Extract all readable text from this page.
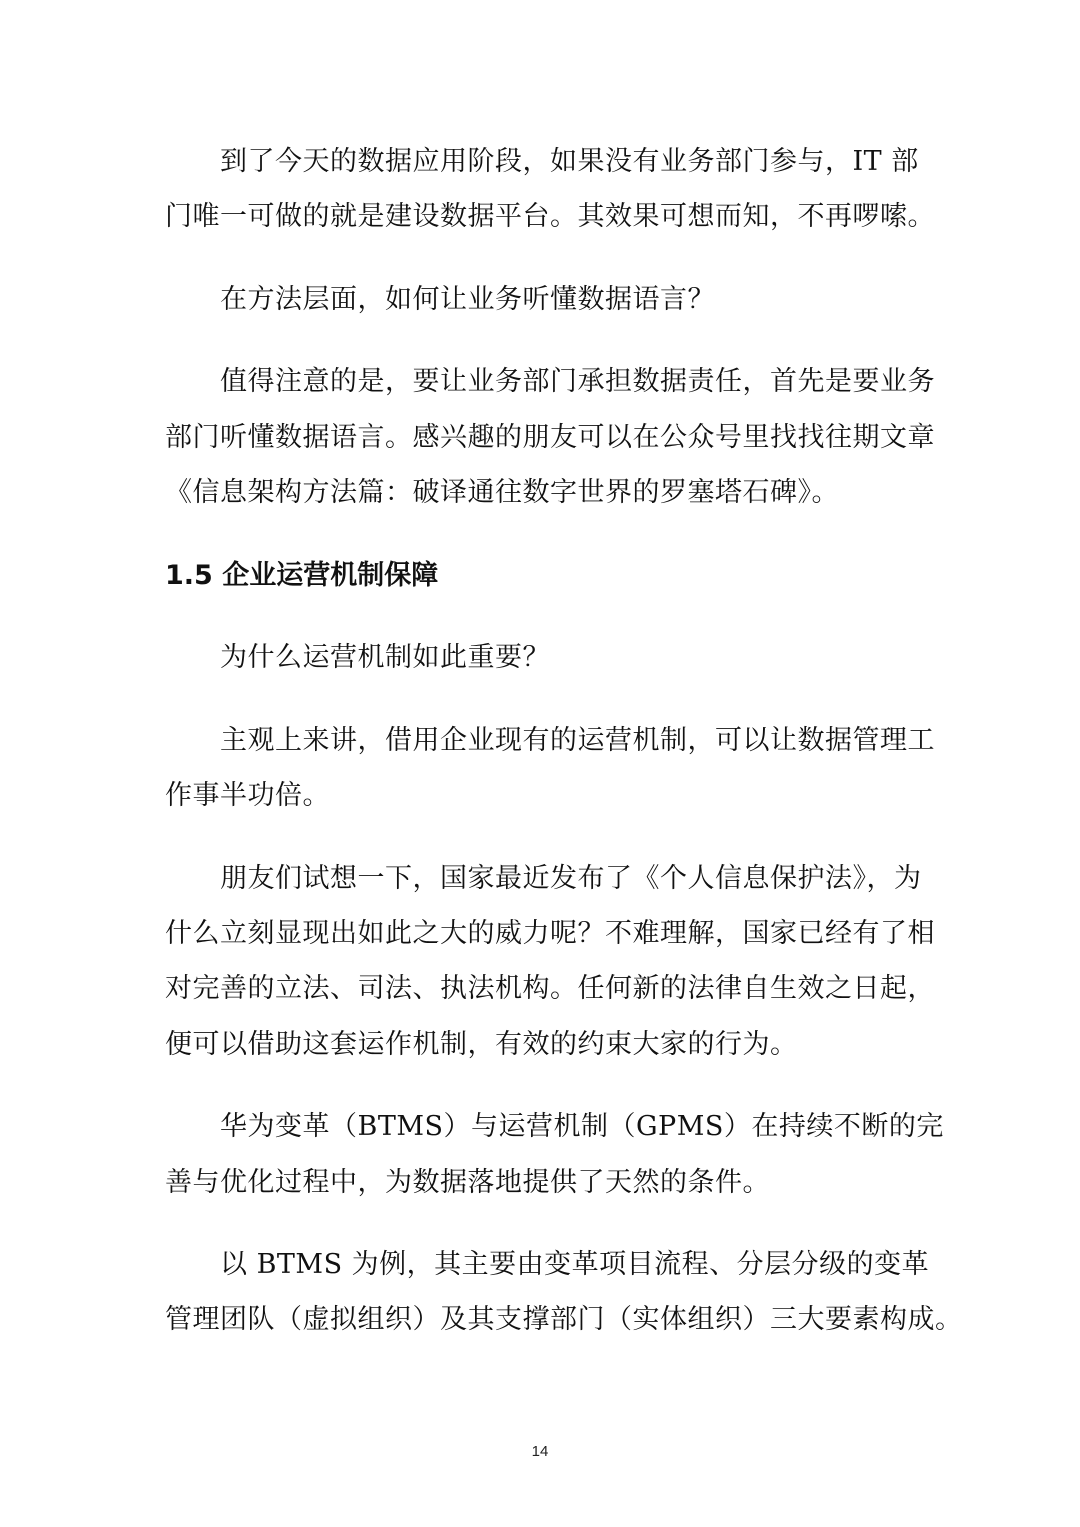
到了今天的数据应用阶段，如果没有业务部门参与，IT 部
门唯一可做的就是建设数据平台。其效果可想而知，不再啰嗦。
在方法层面，如何让业务听懂数据语言？
值得注意的是，要让业务部门承担数据责任，首先是要业务
部门听懂数据语言。感兴趣的朋友可以在公众号里找找往期文章
《信息架构方法篇：破译通往数字世界的罗塞塔石碑》。
1.5 企业运营机制保障
为什么运营机制如此重要？
主观上来讲，借用企业现有的运营机制，可以让数据管理工
作事半功倍。
朋友们试想一下，国家最近发布了《个人信息保护法》，为
什么立刻显现出如此之大的威力呢？不难理解，国家已经有了相
对完善的立法、司法、执法机构。任何新的法律自生效之日起，
便可以借助这套运作机制，有效的约束大家的行为。
华为变革（BTMS）与运营机制（GPMS）在持续不断的完
善与优化过程中，为数据落地提供了天然的条件。
以 BTMS 为例，其主要由变革项目流程、分层分级的变革
管理团队（虚拟组织）及其支撑部门（实体组织）三大要素构成。
14
